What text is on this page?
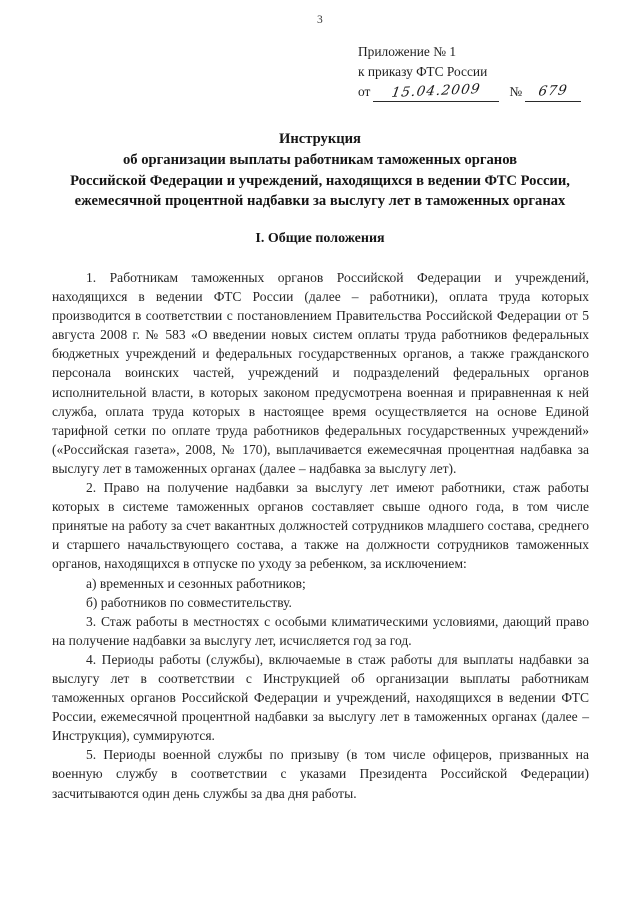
3
Приложение № 1
к приказу ФТС России
от	15.04.2009	№	679
Инструкция
об организации выплаты работникам таможенных органов
Российской Федерации и учреждений, находящихся в ведении ФТС России,
ежемесячной процентной надбавки за выслугу лет в таможенных органах
I. Общие положения

1. Работникам таможенных органов Российской Федерации и учреждений, находящихся в ведении ФТС России (далее – работники), оплата труда которых производится в соответствии с постановлением Правительства Российской Федерации от 5 августа 2008 г. № 583 «О введении новых систем оплаты труда работников федеральных бюджетных учреждений и федеральных государственных органов, а также гражданского персонала воинских частей, учреждений и подразделений федеральных органов исполнительной власти, в которых законом предусмотрена военная и приравненная к ней служба, оплата труда которых в настоящее время осуществляется на основе Единой тарифной сетки по оплате труда работников федеральных государственных учреждений» («Российская газета», 2008, № 170), выплачивается ежемесячная процентная надбавка за выслугу лет в таможенных органах (далее – надбавка за выслугу лет).

2. Право на получение надбавки за выслугу лет имеют работники, стаж работы которых в системе таможенных органов составляет свыше одного года, в том числе принятые на работу за счет вакантных должностей сотрудников младшего состава, среднего и старшего начальствующего состава, а также на должности сотрудников таможенных органов, находящихся в отпуске по уходу за ребенком, за исключением:

а) временных и сезонных работников;

б) работников по совместительству.

3. Стаж работы в местностях с особыми климатическими условиями, дающий право на получение надбавки за выслугу лет, исчисляется год за год.

4. Периоды работы (службы), включаемые в стаж работы для выплаты надбавки за выслугу лет в соответствии с Инструкцией об организации выплаты работникам таможенных органов Российской Федерации и учреждений, находящихся в ведении ФТС России, ежемесячной процентной надбавки за выслугу лет в таможенных органах (далее – Инструкция), суммируются.

5. Периоды военной службы по призыву (в том числе офицеров, призванных на военную службу в соответствии с указами Президента Российской Федерации) засчитываются один день службы за два дня работы.
